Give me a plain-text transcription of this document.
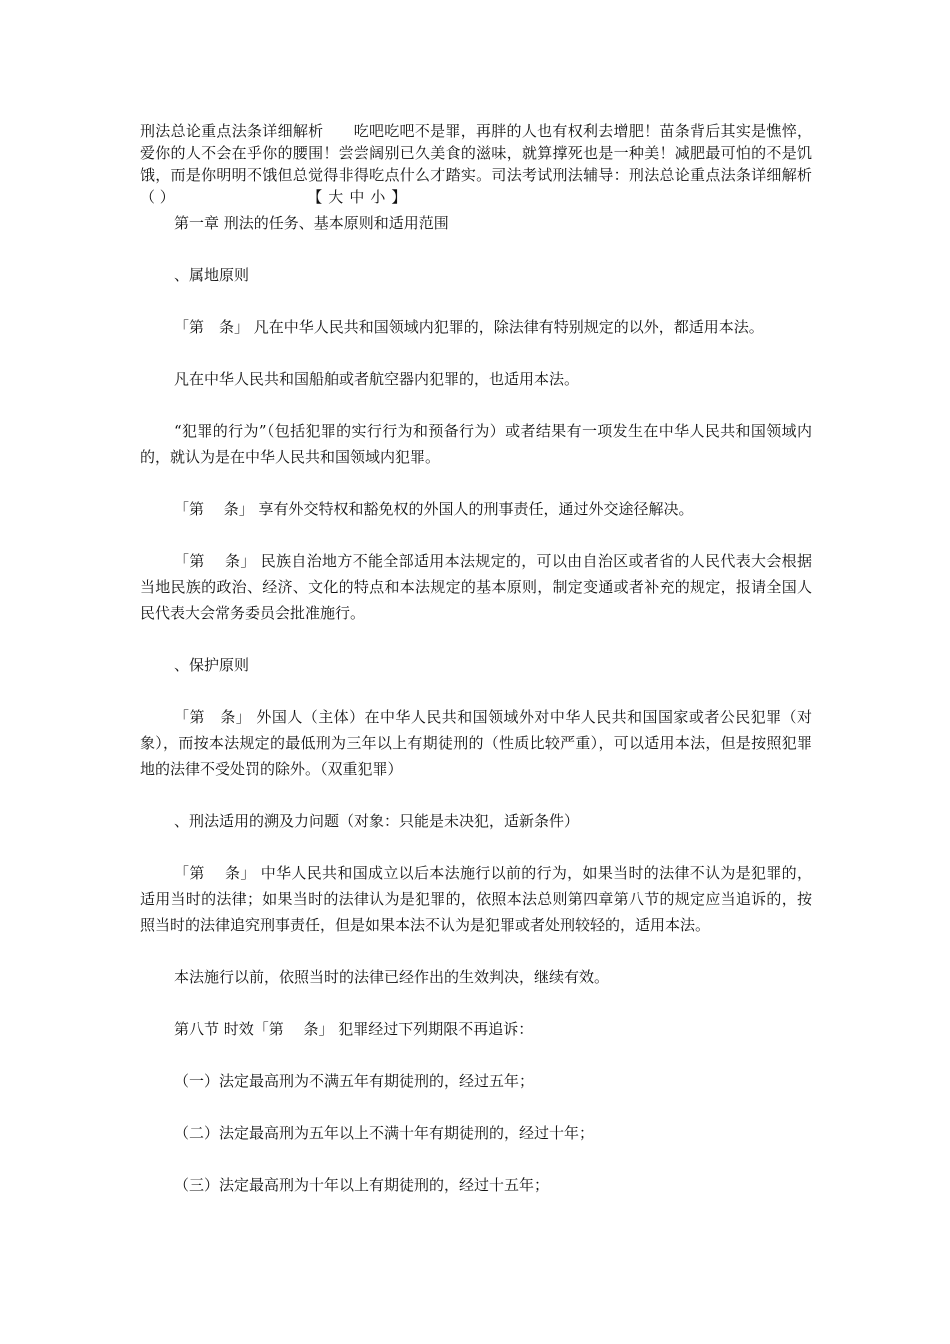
刑法总论重点法条详细解析 吃吧吃吧不是罪，再胖的人也有权利去增肥！苗条背后其实是憔悴，爱你的人不会在乎你的腰围！尝尝阔别已久美食的滋味，就算撑死也是一种美！减肥最可怕的不是饥饿，而是你明明不饿但总觉得非得吃点什么才踏实。司法考试刑法辅导：刑法总论重点法条详细解析（ ）	【大中小】

第一章 刑法的任务、基本原则和适用范围

、属地原则

「第　条」 凡在中华人民共和国领域内犯罪的，除法律有特别规定的以外，都适用本法。

凡在中华人民共和国船舶或者航空器内犯罪的，也适用本法。

“犯罪的行为”（包括犯罪的实行行为和预备行为）或者结果有一项发生在中华人民共和国领域内的，就认为是在中华人民共和国领域内犯罪。

「第　 条」 享有外交特权和豁免权的外国人的刑事责任，通过外交途径解决。

「第　 条」 民族自治地方不能全部适用本法规定的，可以由自治区或者省的人民代表大会根据当地民族的政治、经济、文化的特点和本法规定的基本原则，制定变通或者补充的规定，报请全国人民代表大会常务委员会批准施行。

、保护原则

「第　条」 外国人（主体）在中华人民共和国领域外对中华人民共和国国家或者公民犯罪（对象），而按本法规定的最低刑为三年以上有期徒刑的（性质比较严重），可以适用本法，但是按照犯罪地的法律不受处罚的除外。（双重犯罪）

、刑法适用的溯及力问题（对象：只能是未决犯，适新条件）

「第　 条」 中华人民共和国成立以后本法施行以前的行为，如果当时的法律不认为是犯罪的，适用当时的法律；如果当时的法律认为是犯罪的，依照本法总则第四章第八节的规定应当追诉的，按照当时的法律追究刑事责任，但是如果本法不认为是犯罪或者处刑较轻的，适用本法。

本法施行以前，依照当时的法律已经作出的生效判决，继续有效。

第八节 时效「第　 条」 犯罪经过下列期限不再追诉：

（一）法定最高刑为不满五年有期徒刑的，经过五年；

（二）法定最高刑为五年以上不满十年有期徒刑的，经过十年；

（三）法定最高刑为十年以上有期徒刑的，经过十五年；
